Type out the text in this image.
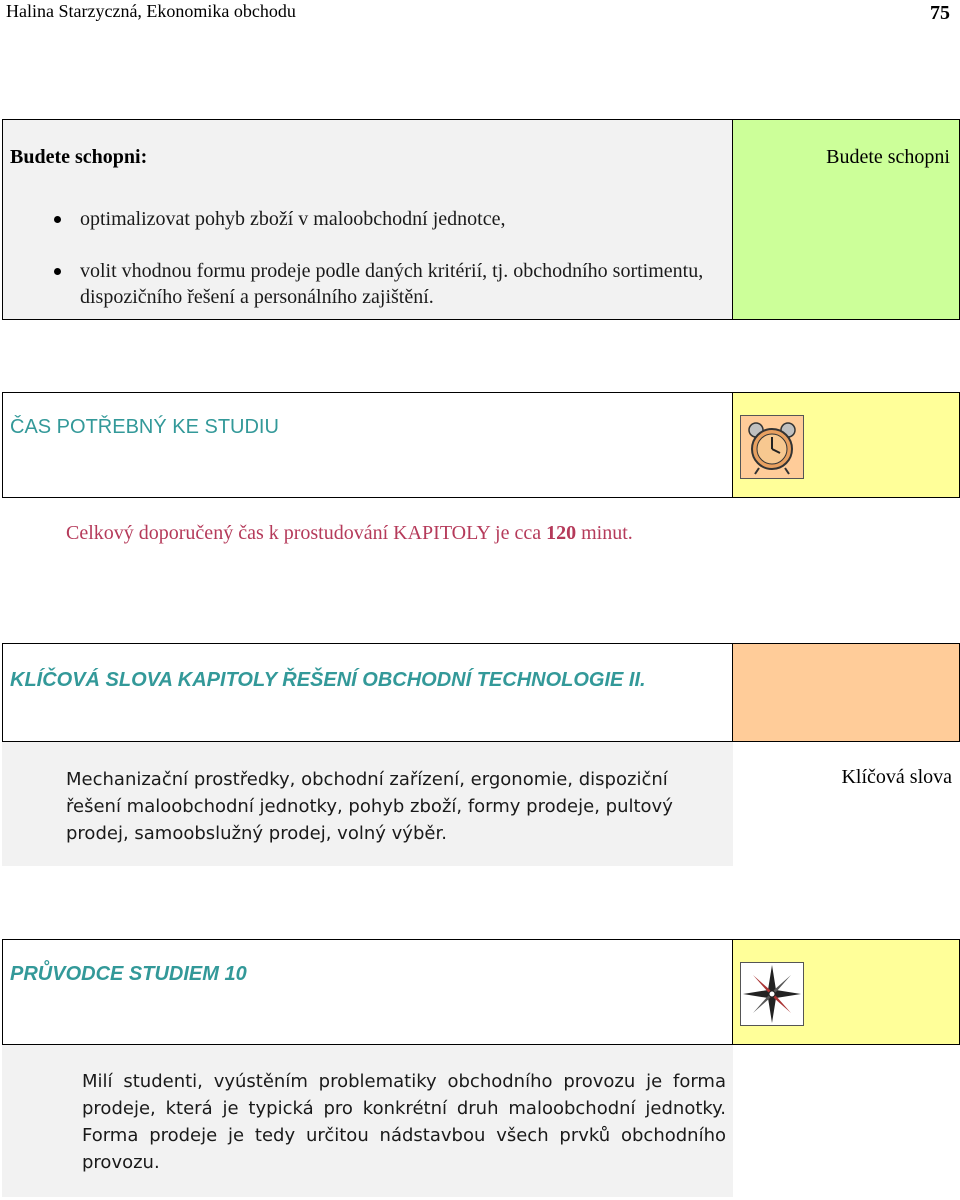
Halina Starzyczná, Ekonomika obchodu	75
Budete schopni:	Budete schopni
optimalizovat pohyb zboží v maloobchodní jednotce,
volit vhodnou formu prodeje podle daných kritérií, tj. obchodního sortimentu, dispozičního řešení a personálního zajištění.
ČAS POTŘEBNÝ KE STUDIU
Celkový doporučený čas k prostudování KAPITOLY je cca 120 minut.
KLÍČOVÁ SLOVA KAPITOLY ŘEŠENÍ OBCHODNÍ TECHNOLOGIE II.
Mechanizační prostředky, obchodní zařízení, ergonomie, dispoziční řešení maloobchodní jednotky, pohyb zboží, formy prodeje, pultový prodej, samoobslužný prodej, volný výběr.
Klíčová slova
PRŮVODCE STUDIEM 10
Milí studenti, vyústěním problematiky obchodního provozu je forma prodeje, která je typická pro konkrétní druh maloobchodní jednotky. Forma prodeje je tedy určitou nádstavbou všech prvků obchodního provozu.
